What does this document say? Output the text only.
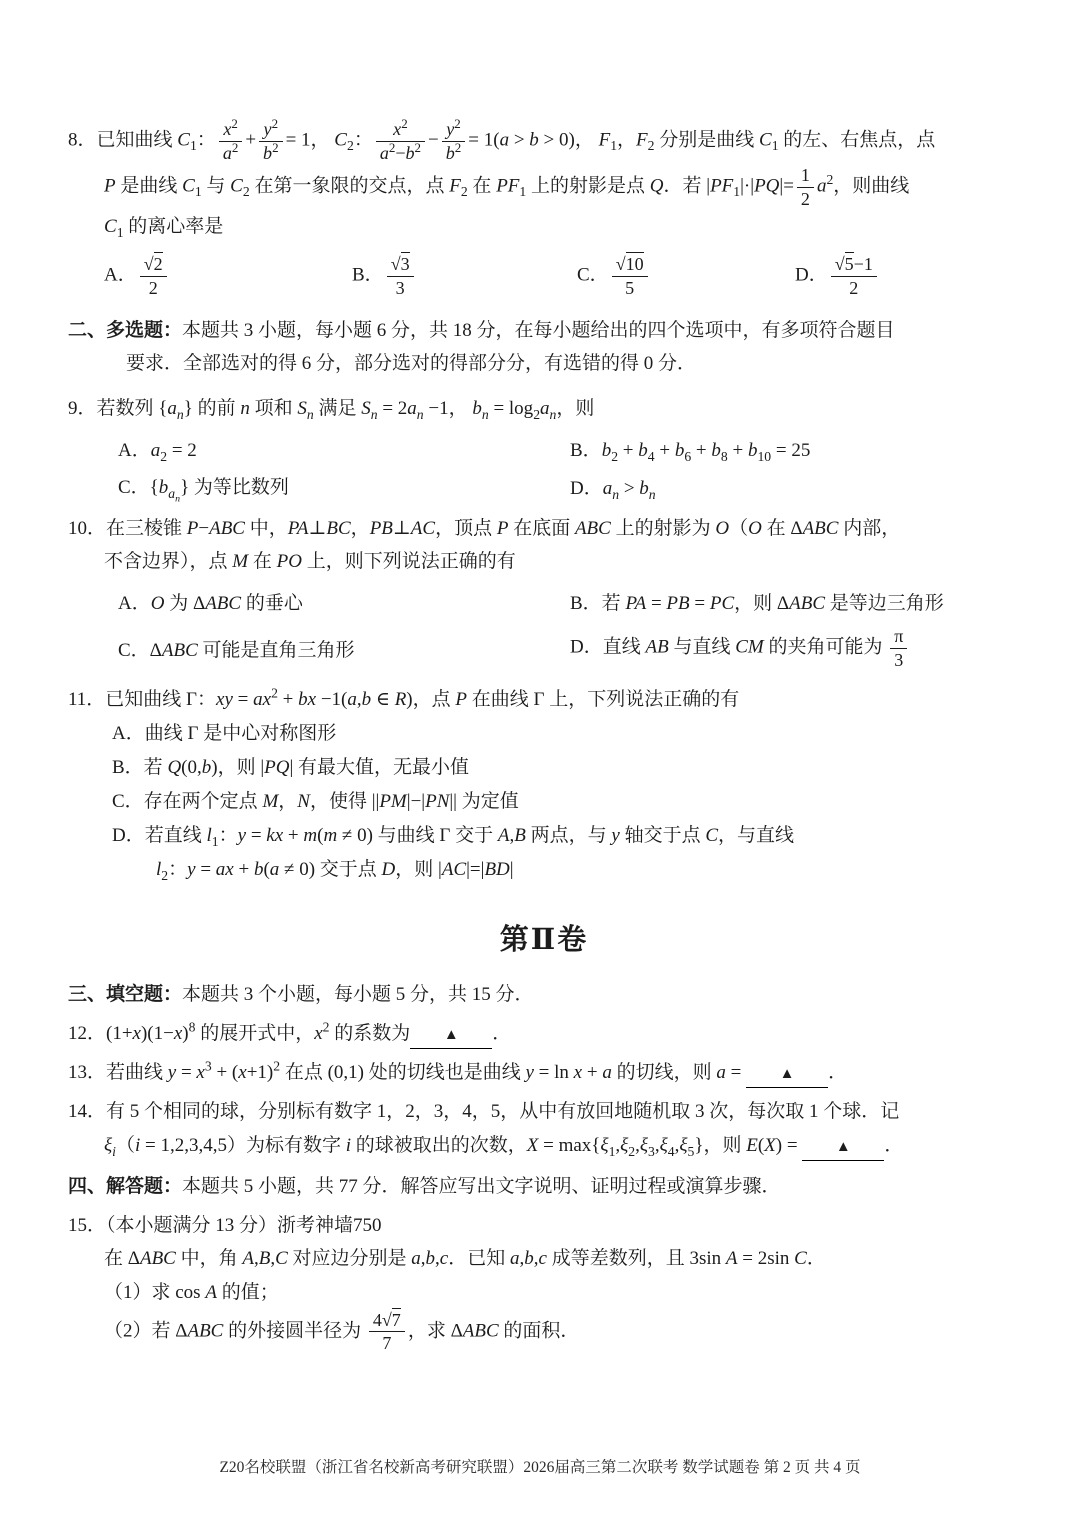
8．已知曲线 $C_1$： $\frac{x^2}{a^2} + \frac{y^2}{b^2} = 1$， $C_2$： $\frac{x^2}{a^2-b^2} - \frac{y^2}{b^2} = 1(a > b > 0)$， $F_1$，$F_2$ 分别是曲线 $C_1$ 的左、右焦点，点
P 是曲线 $C_1$ 与 $C_2$ 在第一象限的交点，点 $F_2$ 在 $PF_1$ 上的射影是点 Q．若 $|PF_1|\cdot|PQ|= \frac{1}{2} a^2$，则曲线
$C_1$ 的离心率是
A． $\frac{√2}{2}$	B． $\frac{√3}{3}$	C． $\frac{√10}{5}$	D． $\frac{√5-1}{2}$
二、多选题：本题共 3 小题，每小题 6 分，共 18 分，在每小题给出的四个选项中，有多项符合题目
要求．全部选对的得 6 分，部分选对的得部分分，有选错的得 0 分．
9．若数列 $\{a_n\}$ 的前 n 项和 $S_n$ 满足 $S_n = 2a_n -1$， $b_n = \log_2a_n$，则
A．$a_2 = 2$	B．$b_2 + b_4 + b_6 + b_8 + b_{10} = 25$
C．$\{b_{a_n}\}$ 为等比数列	D．$a_n > b_n$
10．在三棱锥 P−ABC 中，PA⊥BC，PB⊥AC，顶点 P 在底面 ABC 上的射影为 O（O 在 ΔABC 内部，
不含边界），点 M 在 PO 上，则下列说法正确的有
A．O 为 ΔABC 的垂心	B．若 PA = PB = PC，则 ΔABC 是等边三角形
C．ΔABC 可能是直角三角形	D．直线 AB 与直线 CM 的夹角可能为 $\frac{\pi}{3}$
11．已知曲线 Γ：xy = $ax^2$ + bx −1(a,b ∈ R)，点 P 在曲线 Γ 上，下列说法正确的有
A．曲线 Γ 是中心对称图形
B．若 Q(0,b)，则 |PQ| 有最大值，无最小值
C．存在两个定点 M，N，使得 ||PM|−|PN|| 为定值
D．若直线 $l_1$：y = kx + m(m ≠ 0) 与曲线 Γ 交于 A,B 两点，与 y 轴交于点 C，与直线
$l_2$：y = ax + b(a ≠ 0) 交于点 D，则 |AC|=|BD|
第Ⅱ卷
三、填空题：本题共 3 个小题，每小题 5 分，共 15 分．
12．$(1+x)(1-x)^8$ 的展开式中，$x^2$ 的系数为 ▲ ．
13．若曲线 $y = x^3 + (x+1)^2$ 在点 (0,1) 处的切线也是曲线 y = ln x + a 的切线，则 a = ▲ ．
14．有 5 个相同的球，分别标有数字 1，2，3，4，5，从中有放回地随机取 3 次，每次取 1 个球．记
$\xi_i(i = 1,2,3,4,5)$为标有数字 i 的球被取出的次数，$X = \max\{\xi_1,\xi_2,\xi_3,\xi_4,\xi_5\}$，则 E(X) = ▲ ．
四、解答题：本题共 5 小题，共 77 分．解答应写出文字说明、证明过程或演算步骤．
15．（本小题满分 13 分）浙考神墙750
在 ΔABC 中，角 A,B,C 对应边分别是 a,b,c．已知 a,b,c 成等差数列，且 3sin A = 2sin C．
（1）求 cos A 的值；
（2）若 ΔABC 的外接圆半径为 $\frac{4√7}{7}$ ，求 ΔABC 的面积．
Z20名校联盟（浙江省名校新高考研究联盟）2026届高三第二次联考 数学试题卷 第 2 页 共 4 页
